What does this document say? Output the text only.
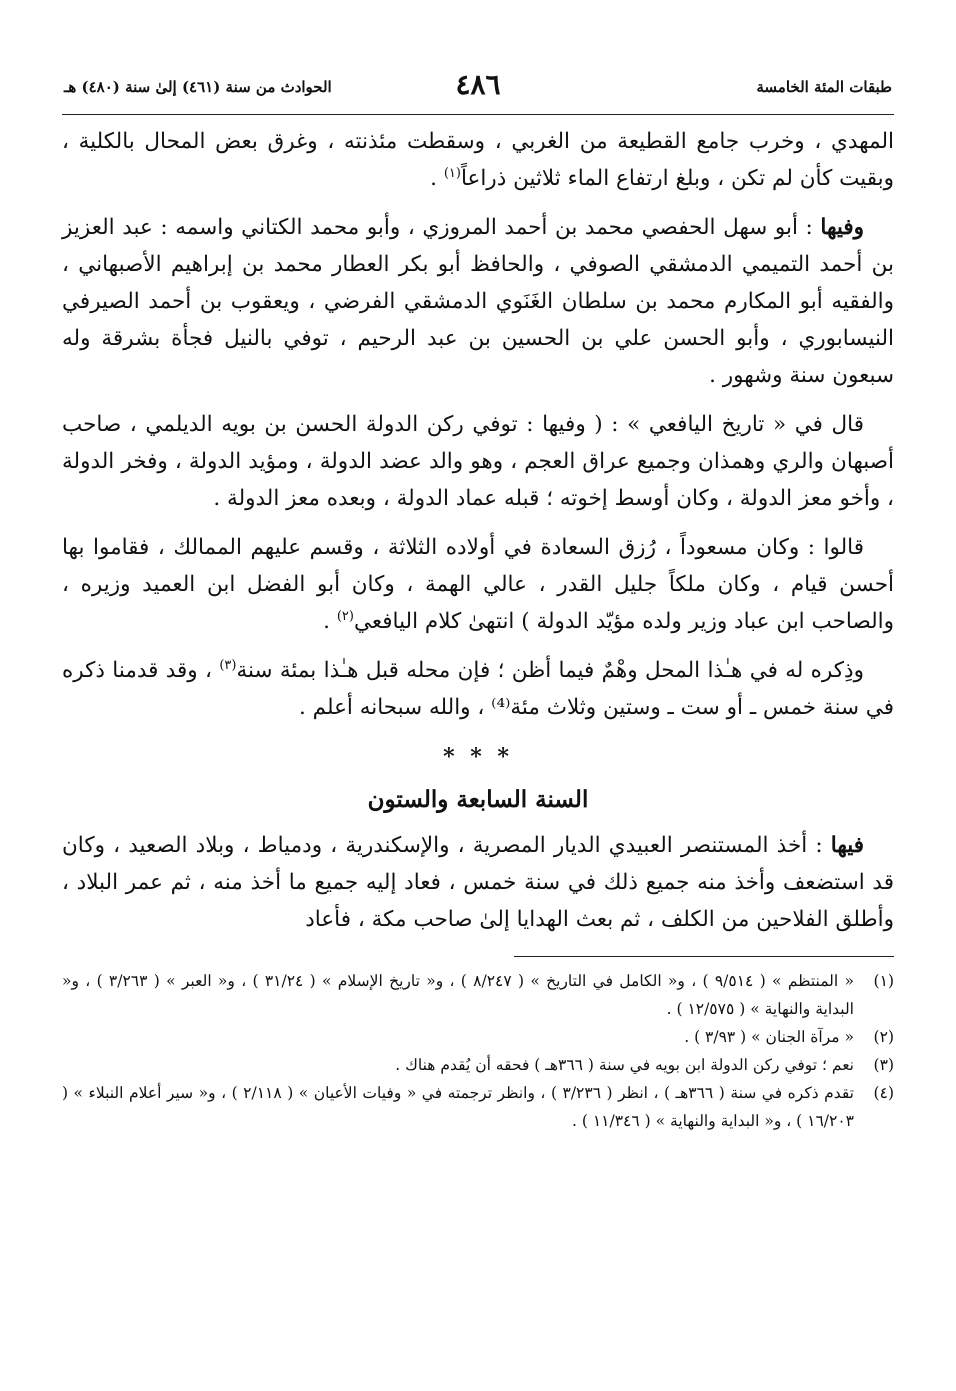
طبقات المئة الخامسة
٤٨٦
الحوادث من سنة (٤٦١) إلىٰ سنة (٤٨٠) هـ

المهدي ، وخرب جامع القطيعة من الغربي ، وسقطت مئذنته ، وغرق بعض المحال بالكلية ، وبقيت كأن لم تكن ، وبلغ ارتفاع الماء ثلاثين ذراعاً$^{(١)}$ .

وفيها : أبو سهل الحفصي محمد بن أحمد المروزي ، وأبو محمد الكتاني واسمه : عبد العزيز بن أحمد التميمي الدمشقي الصوفي ، والحافظ أبو بكر العطار محمد بن إبراهيم الأصبهاني ، والفقيه أبو المكارم محمد بن سلطان الغَنَوي الدمشقي الفرضي ، ويعقوب بن أحمد الصيرفي النيسابوري ، وأبو الحسن علي بن الحسين بن عبد الرحيم ، توفي بالنيل فجأة بشرقة وله سبعون سنة وشهور .

قال في « تاريخ اليافعي » : ( وفيها : توفي ركن الدولة الحسن بن بويه الديلمي ، صاحب أصبهان والري وهمذان وجميع عراق العجم ، وهو والد عضد الدولة ، ومؤيد الدولة ، وفخر الدولة ، وأخو معز الدولة ، وكان أوسط إخوته ؛ قبله عماد الدولة ، وبعده معز الدولة .

قالوا : وكان مسعوداً ، رُزق السعادة في أولاده الثلاثة ، وقسم عليهم الممالك ، فقاموا بها أحسن قيام ، وكان ملكاً جليل القدر ، عالي الهمة ، وكان أبو الفضل ابن العميد وزيره ، والصاحب ابن عباد وزير ولده مؤيّد الدولة ) انتهىٰ كلام اليافعي$^{(٢)}$ .

وذِكره له في هـٰذا المحل وهْمٌ فيما أظن ؛ فإن محله قبل هـٰذا بمئة سنة$^{(٣)}$ ، وقد قدمنا ذكره في سنة خمس ـ أو ست ـ وستين وثلاث مئة⁽⁴⁾ ، والله سبحانه أعلم .

* * *
السنة السابعة والستون

فيها : أخذ المستنصر العبيدي الديار المصرية ، والإسكندرية ، ودمياط ، وبلاد الصعيد ، وكان قد استضعف وأخذ منه جميع ذلك في سنة خمس ، فعاد إليه جميع ما أخذ منه ، ثم عمر البلاد ، وأطلق الفلاحين من الكلف ، ثم بعث الهدايا إلىٰ صاحب مكة ، فأعاد

(١)
« المنتظم » ( ٩/٥١٤ ) ، و« الكامل في التاريخ » ( ٨/٢٤٧ ) ، و« تاريخ الإسلام » ( ٣١/٢٤ ) ، و« العبر » ( ٣/٢٦٣ ) ، و« البداية والنهاية » ( ١٢/٥٧٥ ) .
(٢)
« مرآة الجنان » ( ٣/٩٣ ) .
(٣)
نعم ؛ توفي ركن الدولة ابن بويه في سنة ( ٣٦٦هـ ) فحقه أن يُقدم هناك .
(٤)
تقدم ذكره في سنة ( ٣٦٦هـ ) ، انظر ( ٣/٢٣٦ ) ، وانظر ترجمته في « وفيات الأعيان » ( ٢/١١٨ ) ، و« سير أعلام النبلاء » ( ١٦/٢٠٣ ) ، و« البداية والنهاية » ( ١١/٣٤٦ ) .
